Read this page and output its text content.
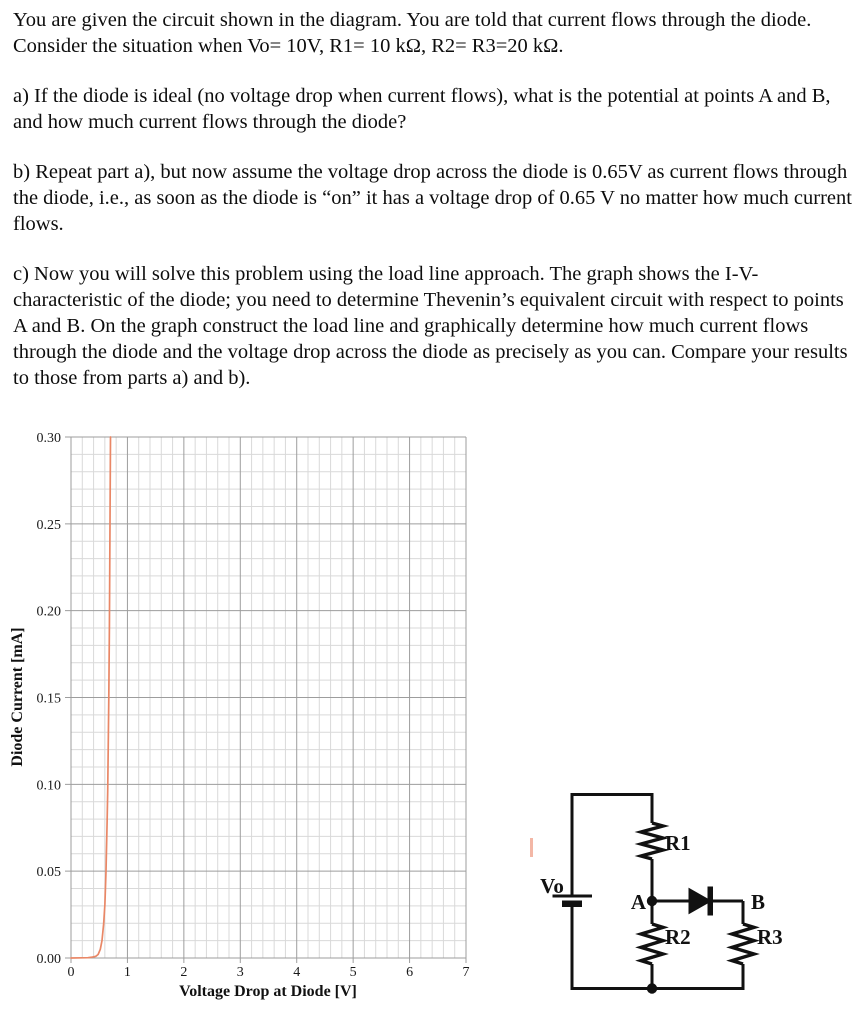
You are given the circuit shown in the diagram. You are told that current flows through the diode. Consider the situation when Vo= 10V, R1= 10 kΩ, R2= R3=20 kΩ.

a) If the diode is ideal (no voltage drop when current flows), what is the potential at points A and B, and how much current flows through the diode?

b) Repeat part a), but now assume the voltage drop across the diode is 0.65V as current flows through the diode, i.e., as soon as the diode is “on” it has a voltage drop of 0.65 V no matter how much current flows.

c) Now you will solve this problem using the load line approach. The graph shows the I-V-characteristic of the diode; you need to determine Thevenin’s equivalent circuit with respect to points A and B. On the graph construct the load line and graphically determine how much current flows through the diode and the voltage drop across the diode as precisely as you can. Compare your results to those from parts a) and b).

Diode Current [mA]
Voltage Drop at Diode [V]
0	1	2	3	4	5	6	7
0.00
0.05
0.10
0.15
0.20
0.25
0.30
Vo
A	B
R1
R2	R3
